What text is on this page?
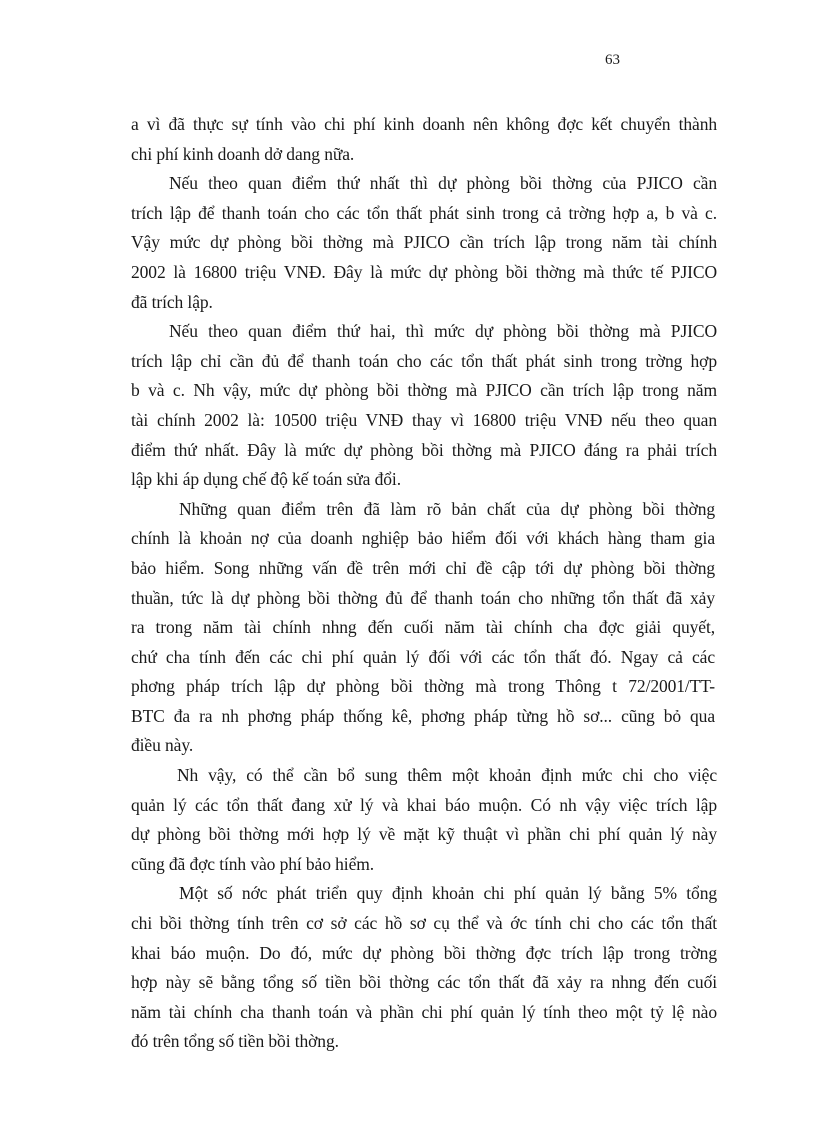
63
a vì đã thực sự tính vào chi phí kinh doanh nên không đợc kết chuyển thành
chi phí kinh doanh dở dang nữa.
Nếu theo quan điểm thứ nhất thì dự phòng bồi thờng của PJICO cần
trích lập để thanh toán cho các tổn thất phát sinh trong cả trờng hợp a, b và c.
Vậy mức dự phòng bồi thờng mà PJICO cần trích lập trong năm tài chính
2002 là 16800 triệu VNĐ. Đây là mức dự phòng bồi thờng mà thức tế PJICO
đã trích lập.
Nếu theo quan điểm thứ hai, thì mức dự phòng bồi thờng mà PJICO
trích lập chỉ cần đủ để thanh toán cho các tổn thất phát sinh trong trờng hợp
b và c. Nh vậy, mức dự phòng bồi thờng mà PJICO cần trích lập trong năm
tài chính 2002 là: 10500 triệu VNĐ thay vì 16800 triệu VNĐ nếu theo quan
điểm thứ nhất. Đây là mức dự phòng bồi thờng mà PJICO đáng ra phải trích
lập khi áp dụng chế độ kế toán sửa đổi.
Những quan điểm trên đã làm rõ bản chất của dự phòng bồi thờng
chính là khoản nợ của doanh nghiệp bảo hiểm đối với khách hàng tham gia
bảo hiểm. Song những vấn đề trên mới chỉ đề cập tới dự phòng bồi thờng
thuần, tức là dự phòng bồi thờng đủ để thanh toán cho những tổn thất đã xảy
ra trong năm tài chính nhng đến cuối năm tài chính cha đợc giải quyết,
chứ cha tính đến các chi phí quản lý đối với các tổn thất đó. Ngay cả các
phơng pháp trích lập dự phòng bồi thờng mà trong Thông t 72/2001/TT-
BTC đa ra nh phơng pháp thống kê, phơng pháp từng hồ sơ... cũng bỏ qua
điều này.
Nh vậy, có thể cần bổ sung thêm một khoản định mức chi cho việc
quản lý các tổn thất đang xử lý và khai báo muộn. Có nh vậy việc trích lập
dự phòng bồi thờng mới hợp lý về mặt kỹ thuật vì phần chi phí quản lý này
cũng đã đợc tính vào phí bảo hiểm.
Một số nớc phát triển quy định khoản chi phí quản lý bằng 5% tổng
chi bồi thờng tính trên cơ sở các hồ sơ cụ thể và ớc tính chi cho các tổn thất
khai báo muộn. Do đó, mức dự phòng bồi thờng đợc trích lập trong trờng
hợp này sẽ bằng tổng số tiền bồi thờng các tổn thất đã xảy ra nhng đến cuối
năm tài chính cha thanh toán và phần chi phí quản lý tính theo một tỷ lệ nào
đó trên tổng số tiền bồi thờng.
